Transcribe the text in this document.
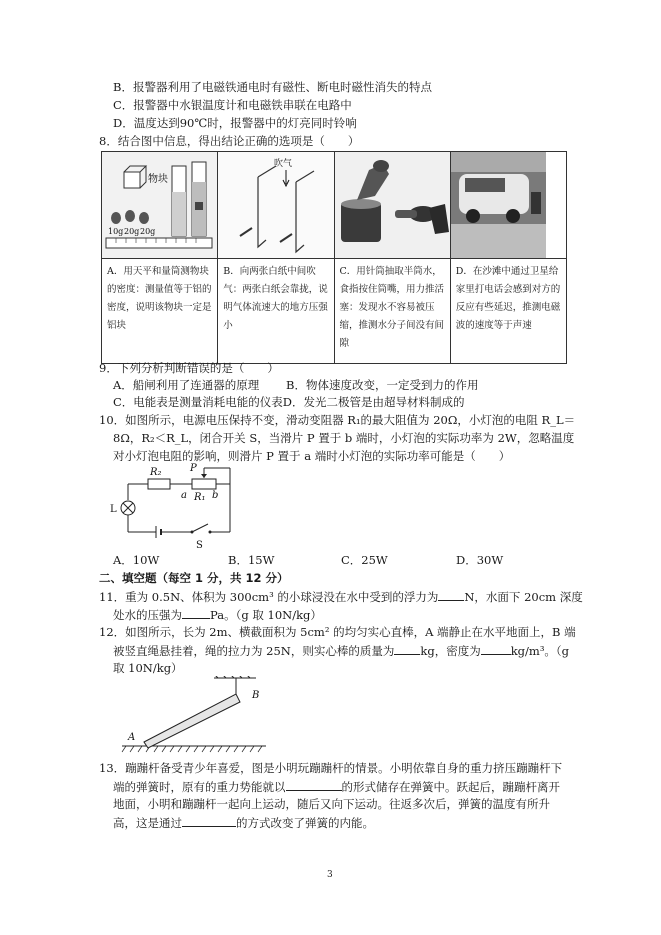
B．报警器利用了电磁铁通电时有磁性、断电时磁性消失的特点
C．报警器中水银温度计和电磁铁串联在电路中
D．温度达到90℃时，报警器中的灯亮同时铃响
8．结合图中信息，得出结论正确的选项是（　　）
物块
10g 20g 20g	吹气

A．用天平和量筒测物块的密度：测量值等于铝的密度，说明该物块一定是铝块	B．向两张白纸中间吹气：两张白纸会靠拢，说明气体流速大的地方压强小	C．用针筒抽取半筒水，食指按住筒嘴，用力推活塞：发现水不容易被压缩，推测水分子间没有间隙	D．在沙滩中通过卫星给家里打电话会感到对方的反应有些延迟，推测电磁波的速度等于声速
9．下列分析判断错误的是（　　）
A．船闸利用了连通器的原理 B．物体速度改变，一定受到力的作用
C．电能表是测量消耗电能的仪表D．发光二极管是由超导材料制成的
10．如图所示，电源电压保持不变，滑动变阻器 R₁的最大阻值为 20Ω，小灯泡的电阻 R_L＝
8Ω，R₂＜R_L，闭合开关 S，当滑片 P 置于 b 端时，小灯泡的实际功率为 2W，忽略温度
对小灯泡电阻的影响，则滑片 P 置于 a 端时小灯泡的实际功率可能是（　　）
R₂	P
a R₁ b
L
S
A．10W	B．15W	C．25W	D．30W
二、填空题（每空 1 分，共 12 分）
11．重为 0.5N、体积为 300cm³ 的小球浸没在水中受到的浮力为 N，水面下 20cm 深度
处水的压强为 Pa。（g 取 10N/kg）
12．如图所示，长为 2m、横截面积为 5cm² 的均匀实心直棒，A 端静止在水平地面上，B 端
被竖直绳悬挂着，绳的拉力为 25N，则实心棒的质量为 kg，密度为	kg/m³。（g
取 10N/kg）
A
B
13．蹦蹦杆备受青少年喜爱，图是小明玩蹦蹦杆的情景。小明依靠自身的重力挤压蹦蹦杆下
端的弹簧时，原有的重力势能就以	的形式储存在弹簧中。跃起后，蹦蹦杆离开
地面，小明和蹦蹦杆一起向上运动，随后又向下运动。往返多次后，弹簧的温度有所升
高，这是通过	的方式改变了弹簧的内能。
3
